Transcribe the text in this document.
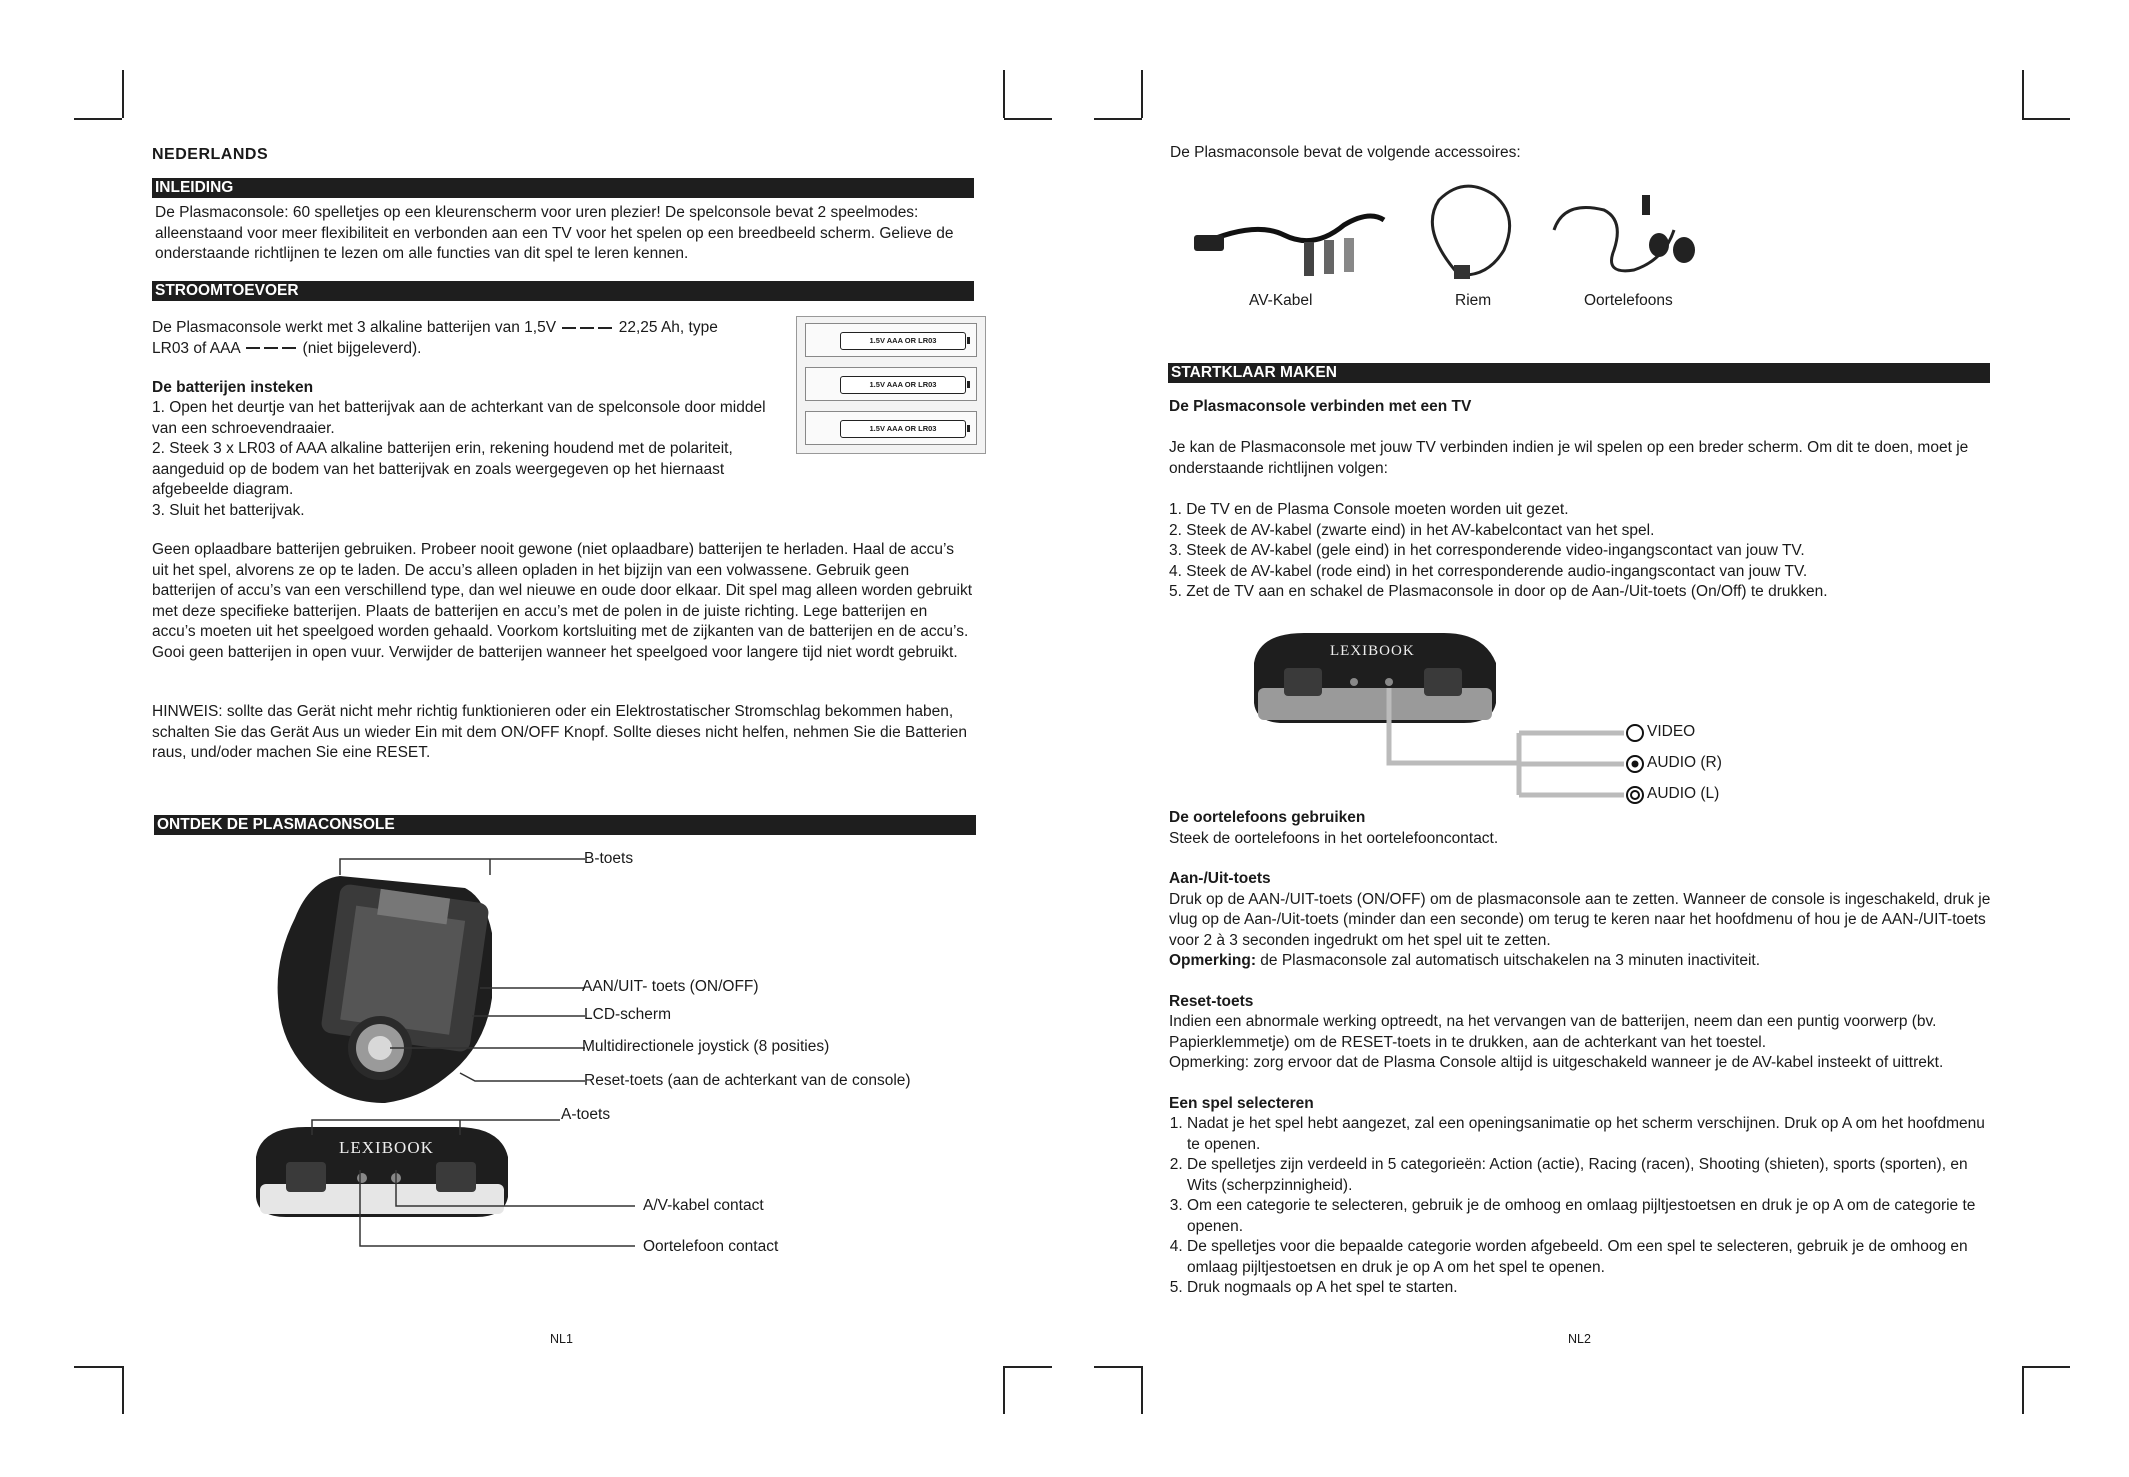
NEDERLANDS
INLEIDING
De Plasmaconsole: 60 spelletjes op een kleurenscherm voor uren plezier! De spelconsole bevat 2 speelmodes: alleenstaand voor meer flexibiliteit en verbonden aan een TV voor het spelen op een breedbeeld scherm. Gelieve de onderstaande richtlijnen te lezen om alle functies van dit spel te leren kennen.
STROOMTOEVOER
De Plasmaconsole werkt met 3 alkaline batterijen van 1,5V	22,25 Ah, type
LR03 of AAA	(niet bijgeleverd).	1.5V AAA OR LR03
1.5V AAA OR LR03
1.5V AAA OR LR03
De batterijen insteken

1. Open het deurtje van het batterijvak aan de achterkant van de spelconsole door middel van een schroevendraaier.

2. Steek 3 x LR03 of AAA alkaline batterijen erin, rekening houdend met de polariteit, aangeduid op de bodem van het batterijvak en zoals weergegeven op het hiernaast afgebeelde diagram.

3. Sluit het batterijvak.

Geen oplaadbare batterijen gebruiken. Probeer nooit gewone (niet oplaadbare) batterijen te herladen. Haal de accu’s uit het spel, alvorens ze op te laden. De accu’s alleen opladen in het bijzijn van een volwassene. Gebruik geen batterijen of accu’s van een verschillend type, dan wel nieuwe en oude door elkaar. Dit spel mag alleen worden gebruikt met deze specifieke batterijen. Plaats de batterijen en accu’s met de polen in de juiste richting. Lege batterijen en accu’s moeten uit het speelgoed worden gehaald. Voorkom kortsluiting met de zijkanten van de batterijen en de accu’s. Gooi geen batterijen in open vuur. Verwijder de batterijen wanneer het speelgoed voor langere tijd niet wordt gebruikt.
HINWEIS: sollte das Gerät nicht mehr richtig funktionieren oder ein Elektrostatischer Stromschlag bekommen haben, schalten Sie das Gerät Aus un wieder Ein mit dem ON/OFF Knopf. Sollte dieses nicht helfen, nehmen Sie die Batterien raus, und/oder machen Sie eine RESET.
ONTDEK DE PLASMACONSOLE
B-toets
AAN/UIT- toets (ON/OFF)
LCD-scherm
Multidirectionele joystick (8 posities)
Reset-toets (aan de achterkant van de console)
LEXIBOOK
A-toets
A/V-kabel contact
Oortelefoon contact
NL1
De Plasmaconsole bevat de volgende accessoires:
AV-Kabel	Riem	Oortelefoons
STARTKLAAR MAKEN
De Plasmaconsole verbinden met een TV
Je kan de Plasmaconsole met jouw TV verbinden indien je wil spelen op een breder scherm. Om dit te doen, moet je onderstaande richtlijnen volgen:

1. De TV en de Plasma Console moeten worden uit gezet.

2. Steek de AV-kabel (zwarte eind) in het AV-kabelcontact van het spel.

3. Steek de AV-kabel (gele eind) in het corresponderende video-ingangscontact van jouw TV.

4. Steek de AV-kabel (rode eind) in het corresponderende audio-ingangscontact van jouw TV.

5. Zet de TV aan en schakel de Plasmaconsole in door op de Aan-/Uit-toets (On/Off) te drukken.

LEXIBOOK
VIDEO
AUDIO (R)
AUDIO (L)
De oortelefoons gebruiken
Steek de oortelefoons in het oortelefooncontact.
Aan-/Uit-toets
Druk op de AAN-/UIT-toets (ON/OFF) om de plasmaconsole aan te zetten. Wanneer de console is ingeschakeld, druk je vlug op de Aan-/Uit-toets (minder dan een seconde) om terug te keren naar het hoofdmenu of hou je de AAN-/UIT-toets voor 2 à 3 seconden ingedrukt om het spel uit te zetten.
Opmerking: de Plasmaconsole zal automatisch uitschakelen na 3 minuten inactiviteit.
Reset-toets
Indien een abnormale werking optreedt, na het vervangen van de batterijen, neem dan een puntig voorwerp (bv. Papierklemmetje) om de RESET-toets in te drukken, aan de achterkant van het toestel.
Opmerking: zorg ervoor dat de Plasma Console altijd is uitgeschakeld wanneer je de AV-kabel insteekt of uittrekt.
Een spel selecteren
1. Nadat je het spel hebt aangezet, zal een openingsanimatie op het scherm verschijnen. Druk op A om het hoofdmenu te openen.
2. De spelletjes zijn verdeeld in 5 categorieën: Action (actie), Racing (racen), Shooting (shieten), sports (sporten), en Wits (scherpzinnigheid).
3. Om een categorie te selecteren, gebruik je de omhoog en omlaag pijltjestoetsen en druk je op A om de categorie te openen.
4. De spelletjes voor die bepaalde categorie worden afgebeeld. Om een spel te selecteren, gebruik je de omhoog en omlaag pijltjestoetsen en druk je op A om het spel te openen.
5. Druk nogmaals op A het spel te starten.
NL2
